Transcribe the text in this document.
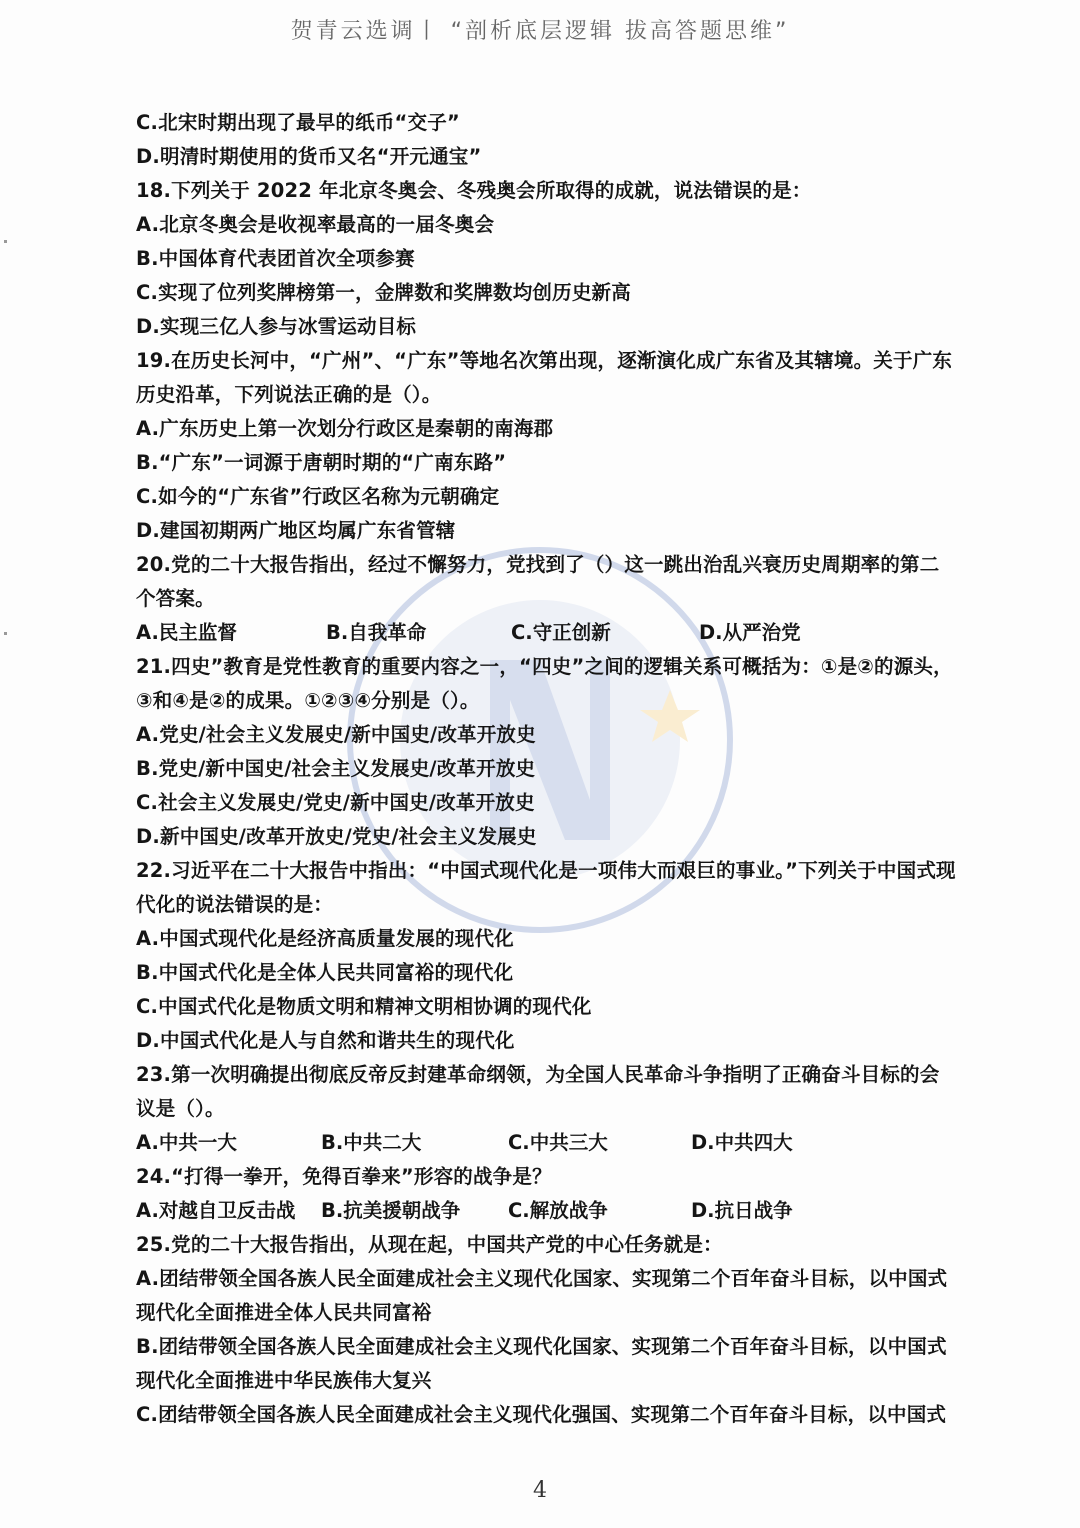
贺青云选调丨 “剖析底层逻辑 拔高答题思维”
C.北宋时期出现了最早的纸币“交子”
D.明清时期使用的货币又名“开元通宝”
18.下列关于 2022 年北京冬奥会、冬残奥会所取得的成就，说法错误的是：
A.北京冬奥会是收视率最高的一届冬奥会
B.中国体育代表团首次全项参赛
C.实现了位列奖牌榜第一，金牌数和奖牌数均创历史新高
D.实现三亿人参与冰雪运动目标
19.在历史长河中，“广州”、“广东”等地名次第出现，逐渐演化成广东省及其辖境。关于广东历史沿革，下列说法正确的是（）。
A.广东历史上第一次划分行政区是秦朝的南海郡
B.“广东”一词源于唐朝时期的“广南东路”
C.如今的“广东省”行政区名称为元朝确定
D.建国初期两广地区均属广东省管辖
20.党的二十大报告指出，经过不懈努力，党找到了（）这一跳出治乱兴衰历史周期率的第二个答案。
A.民主监督	B.自我革命	C.守正创新	D.从严治党
21.四史”教育是党性教育的重要内容之一，“四史”之间的逻辑关系可概括为：①是②的源头，③和④是②的成果。①②③④分别是（）。
A.党史/社会主义发展史/新中国史/改革开放史
B.党史/新中国史/社会主义发展史/改革开放史
C.社会主义发展史/党史/新中国史/改革开放史
D.新中国史/改革开放史/党史/社会主义发展史
22.习近平在二十大报告中指出：“中国式现代化是一项伟大而艰巨的事业。”下列关于中国式现代化的说法错误的是：
A.中国式现代化是经济高质量发展的现代化
B.中国式代化是全体人民共同富裕的现代化
C.中国式代化是物质文明和精神文明相协调的现代化
D.中国式代化是人与自然和谐共生的现代化
23.第一次明确提出彻底反帝反封建革命纲领，为全国人民革命斗争指明了正确奋斗目标的会议是（）。
A.中共一大	B.中共二大	C.中共三大	D.中共四大
24.“打得一拳开，免得百拳来”形容的战争是？
A.对越自卫反击战	B.抗美援朝战争	C.解放战争	D.抗日战争
25.党的二十大报告指出，从现在起，中国共产党的中心任务就是：
A.团结带领全国各族人民全面建成社会主义现代化国家、实现第二个百年奋斗目标，以中国式现代化全面推进全体人民共同富裕
B.团结带领全国各族人民全面建成社会主义现代化国家、实现第二个百年奋斗目标，以中国式现代化全面推进中华民族伟大复兴
C.团结带领全国各族人民全面建成社会主义现代化强国、实现第二个百年奋斗目标，以中国式
4
